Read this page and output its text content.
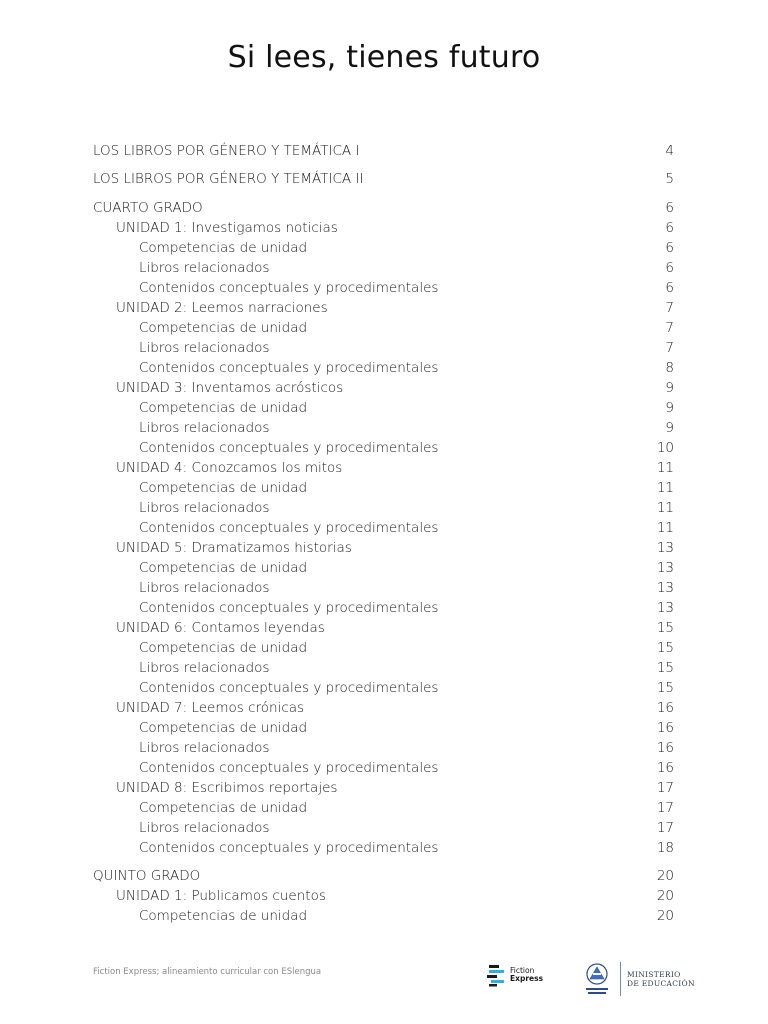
Si lees, tienes futuro
LOS LIBROS POR GÉNERO Y TEMÁTICA I	4
LOS LIBROS POR GÉNERO Y TEMÁTICA II	5
CUARTO GRADO	6
UNIDAD 1: Investigamos noticias	6
Competencias de unidad	6
Libros relacionados	6
Contenidos conceptuales y procedimentales	6
UNIDAD 2: Leemos narraciones	7
Competencias de unidad	7
Libros relacionados	7
Contenidos conceptuales y procedimentales	8
UNIDAD 3: Inventamos acrósticos	9
Competencias de unidad	9
Libros relacionados	9
Contenidos conceptuales y procedimentales	10
UNIDAD 4: Conozcamos los mitos	11
Competencias de unidad	11
Libros relacionados	11
Contenidos conceptuales y procedimentales	11
UNIDAD 5: Dramatizamos historias	13
Competencias de unidad	13
Libros relacionados	13
Contenidos conceptuales y procedimentales	13
UNIDAD 6: Contamos leyendas	15
Competencias de unidad	15
Libros relacionados	15
Contenidos conceptuales y procedimentales	15
UNIDAD 7: Leemos crónicas	16
Competencias de unidad	16
Libros relacionados	16
Contenidos conceptuales y procedimentales	16
UNIDAD 8: Escribimos reportajes	17
Competencias de unidad	17
Libros relacionados	17
Contenidos conceptuales y procedimentales	18
QUINTO GRADO	20
UNIDAD 1: Publicamos cuentos	20
Competencias de unidad	20
Fiction Express; alineamiento curricular con ESlengua	Fiction
Express	MINISTERIO
DE EDUCACIÓN
